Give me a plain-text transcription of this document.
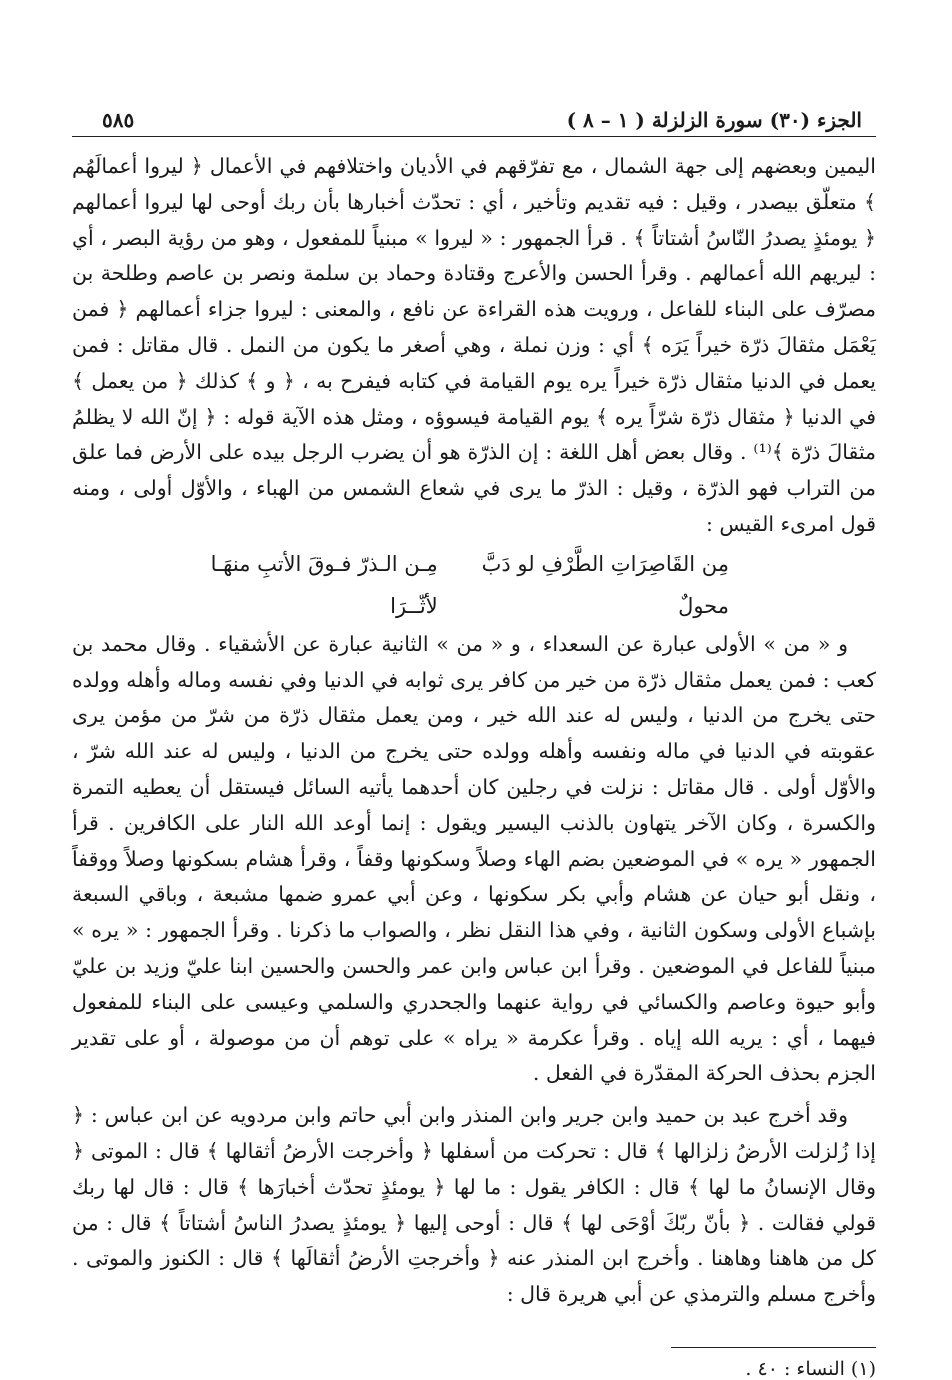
الجزء (٣٠) سورة الزلزلة ( ١ – ٨ )
٥٨٥

اليمين وبعضهم إلى جهة الشمال ، مع تفرّقهم في الأديان واختلافهم في الأعمال ﴿ ليروا أعمالَهُم ﴾ متعلّق بيصدر ، وقيل : فيه تقديم وتأخير ، أي : تحدّث أخبارها بأن ربك أوحى لها ليروا أعمالهم ﴿ يومئذٍ يصدرُ النّاسُ أشتاتاً ﴾ . قرأ الجمهور : « ليروا » مبنياً للمفعول ، وهو من رؤية البصر ، أي : ليريهم الله أعمالهم . وقرأ الحسن والأعرج وقتادة وحماد بن سلمة ونصر بن عاصم وطلحة بن مصرّف على البناء للفاعل ، ورويت هذه القراءة عن نافع ، والمعنى : ليروا جزاء أعمالهم ﴿ فمن يَعْمَل مثقالَ ذرّة خيراً يَرَه ﴾ أي : وزن نملة ، وهي أصغر ما يكون من النمل . قال مقاتل : فمن يعمل في الدنيا مثقال ذرّة خيراً يره يوم القيامة في كتابه فيفرح به ، ﴿ و ﴾ كذلك ﴿ من يعمل ﴾ في الدنيا ﴿ مثقال ذرّة شرّاً يره ﴾ يوم القيامة فيسوؤه ، ومثل هذه الآية قوله : ﴿ إنّ الله لا يظلمُ مثقالَ ذرّة ﴾⁽¹⁾ . وقال بعض أهل اللغة : إن الذرّة هو أن يضرب الرجل بيده على الأرض فما علق من التراب فهو الذرّة ، وقيل : الذرّ ما يرى في شعاع الشمس من الهباء ، والأوّل أولى ، ومنه قول امرىء القيس :

مِن القَاصِرَاتِ الطَّرْفِ لو دَبَّ محولٌ
مِـن الـذرّ فـوقَ الأتبِ منهَـا لأثّــرَا

و « من » الأولى عبارة عن السعداء ، و « من » الثانية عبارة عن الأشقياء . وقال محمد بن كعب : فمن يعمل مثقال ذرّة من خير من كافر يرى ثوابه في الدنيا وفي نفسه وماله وأهله وولده حتى يخرج من الدنيا ، وليس له عند الله خير ، ومن يعمل مثقال ذرّة من شرّ من مؤمن يرى عقوبته في الدنيا في ماله ونفسه وأهله وولده حتى يخرج من الدنيا ، وليس له عند الله شرّ ، والأوّل أولى . قال مقاتل : نزلت في رجلين كان أحدهما يأتيه السائل فيستقل أن يعطيه التمرة والكسرة ، وكان الآخر يتهاون بالذنب اليسير ويقول : إنما أوعد الله النار على الكافرين . قرأ الجمهور « يره » في الموضعين بضم الهاء وصلاً وسكونها وقفاً ، وقرأ هشام بسكونها وصلاً ووقفاً ، ونقل أبو حيان عن هشام وأبي بكر سكونها ، وعن أبي عمرو ضمها مشبعة ، وباقي السبعة بإشباع الأولى وسكون الثانية ، وفي هذا النقل نظر ، والصواب ما ذكرنا . وقرأ الجمهور : « يره » مبنياً للفاعل في الموضعين . وقرأ ابن عباس وابن عمر والحسن والحسين ابنا عليّ وزيد بن عليّ وأبو حيوة وعاصم والكسائي في رواية عنهما والجحدري والسلمي وعيسى على البناء للمفعول فيهما ، أي : يريه الله إياه . وقرأ عكرمة « يراه » على توهم أن من موصولة ، أو على تقدير الجزم بحذف الحركة المقدّرة في الفعل .

وقد أخرج عبد بن حميد وابن جرير وابن المنذر وابن أبي حاتم وابن مردويه عن ابن عباس : ﴿ إذا زُلزلت الأرضُ زلزالها ﴾ قال : تحركت من أسفلها ﴿ وأخرجت الأرضُ أثقالها ﴾ قال : الموتى ﴿ وقال الإنسانُ ما لها ﴾ قال : الكافر يقول : ما لها ﴿ يومئذٍ تحدّث أخبارَها ﴾ قال : قال لها ربك قولي فقالت . ﴿ بأنّ ربّكَ أوْحَى لها ﴾ قال : أوحى إليها ﴿ يومئذٍ يصدرُ الناسُ أشتاتاً ﴾ قال : من كل من هاهنا وهاهنا . وأخرج ابن المنذر عنه ﴿ وأخرجتِ الأرضُ أثقالَها ﴾ قال : الكنوز والموتى . وأخرج مسلم والترمذي عن أبي هريرة قال :

(١) النساء : ٤٠ .
